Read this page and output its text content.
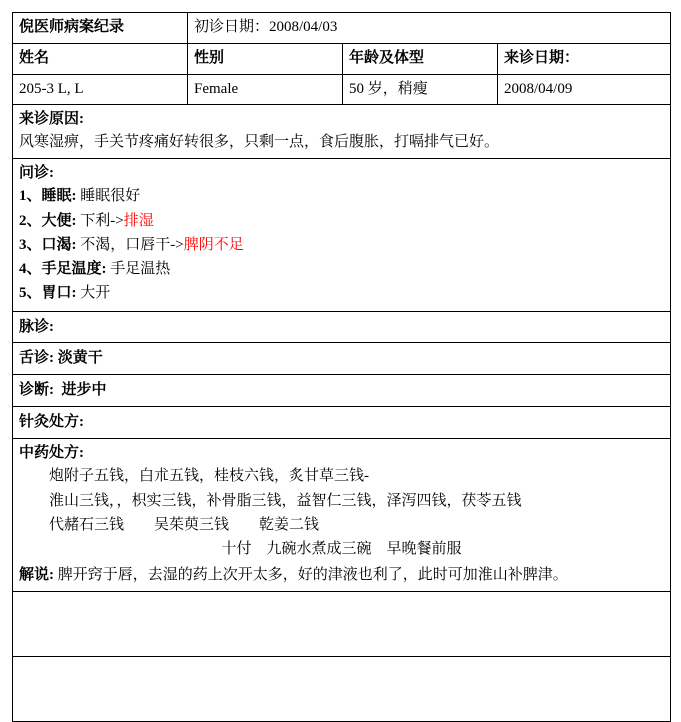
倪医师病案纪录	初诊日期：2008/04/03		
姓名	性别	年龄及体型	来诊日期：
205-3 L, L	Female	50 岁，稍瘦	2008/04/09

来诊原因:
风寒湿痹，手关节疼痛好转很多，只剩一点，食后腹胀，打嗝排气已好。			

问诊:
1、睡眠: 睡眠很好
2、大便: 下利->排湿
3、口渴: 不渴，口唇干->脾阴不足
4、手足温度: 手足温热
5、胃口: 大开

脉诊:			
舌诊: 淡黄干			
诊断: 进步中			
针灸处方:			

中药处方:
炮附子五钱，白朮五钱，桂枝六钱，炙甘草三钱-
淮山三钱，，枳实三钱，补骨脂三钱，益智仁三钱，泽泻四钱，茯苓五钱
代赭石三钱　　吴茱萸三钱　　乾姜二钱
十付　九碗水煮成三碗　早晚餐前服
解说: 脾开窍于唇，去湿的药上次开太多，好的津液也利了，此时可加淮山补脾津。
